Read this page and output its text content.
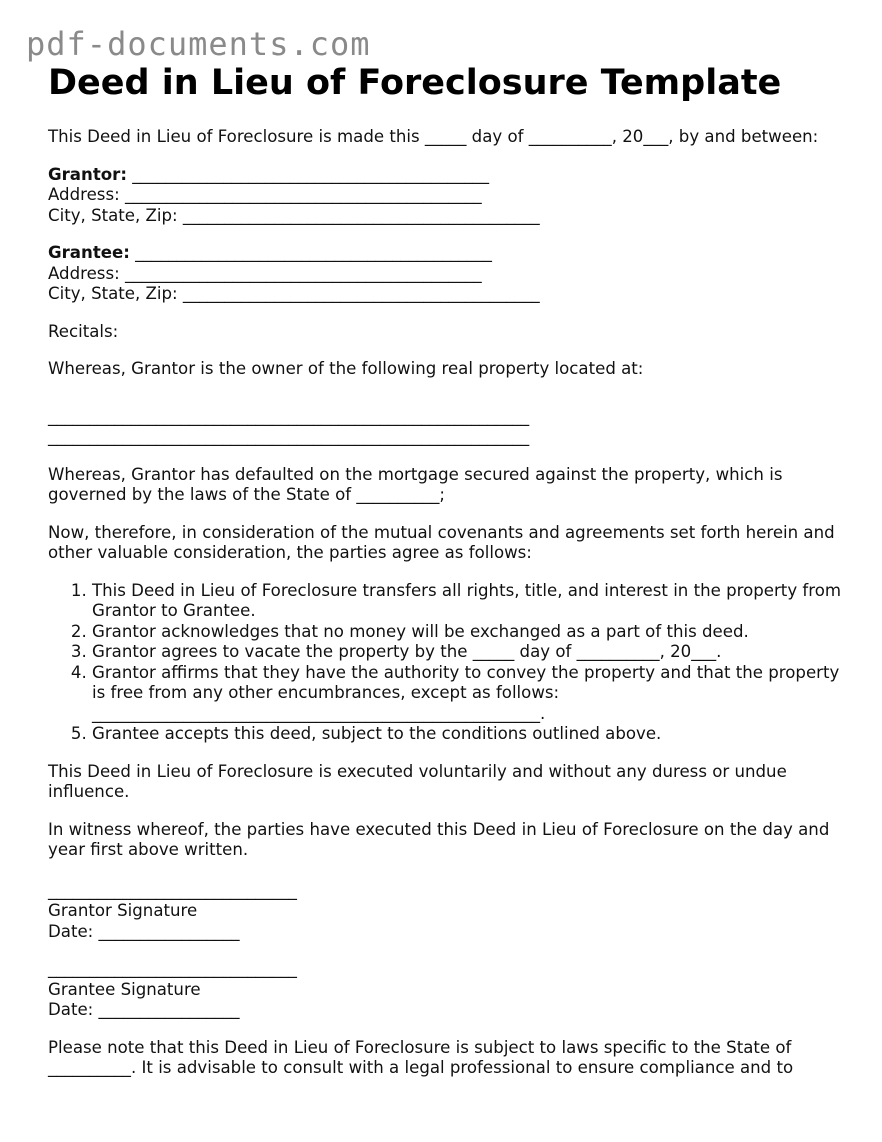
pdf-documents.com
Deed in Lieu of Foreclosure Template

This Deed in Lieu of Foreclosure is made this _____ day of __________, 20___, by and between:

Grantor: ___________________________________________
Address: ___________________________________________
City, State, Zip: ___________________________________________
Grantee: ___________________________________________
Address: ___________________________________________
City, State, Zip: ___________________________________________

Recitals:

Whereas, Grantor is the owner of the following real property located at:

__________________________________________________________
__________________________________________________________

Whereas, Grantor has defaulted on the mortgage secured against the property, which is governed by the laws of the State of __________;

Now, therefore, in consideration of the mutual covenants and agreements set forth herein and other valuable consideration, the parties agree as follows:

1. This Deed in Lieu of Foreclosure transfers all rights, title, and interest in the property from Grantor to Grantee.
2. Grantor acknowledges that no money will be exchanged as a part of this deed.
3. Grantor agrees to vacate the property by the _____ day of __________, 20___.
4. Grantor affirms that they have the authority to convey the property and that the property is free from any other encumbrances, except as follows: ______________________________________________________.
5. Grantee accepts this deed, subject to the conditions outlined above.

This Deed in Lieu of Foreclosure is executed voluntarily and without any duress or undue influence.

In witness whereof, the parties have executed this Deed in Lieu of Foreclosure on the day and year first above written.

______________________________
Grantor Signature
Date: _________________
______________________________
Grantee Signature
Date: _________________

Please note that this Deed in Lieu of Foreclosure is subject to laws specific to the State of __________. It is advisable to consult with a legal professional to ensure compliance and to
